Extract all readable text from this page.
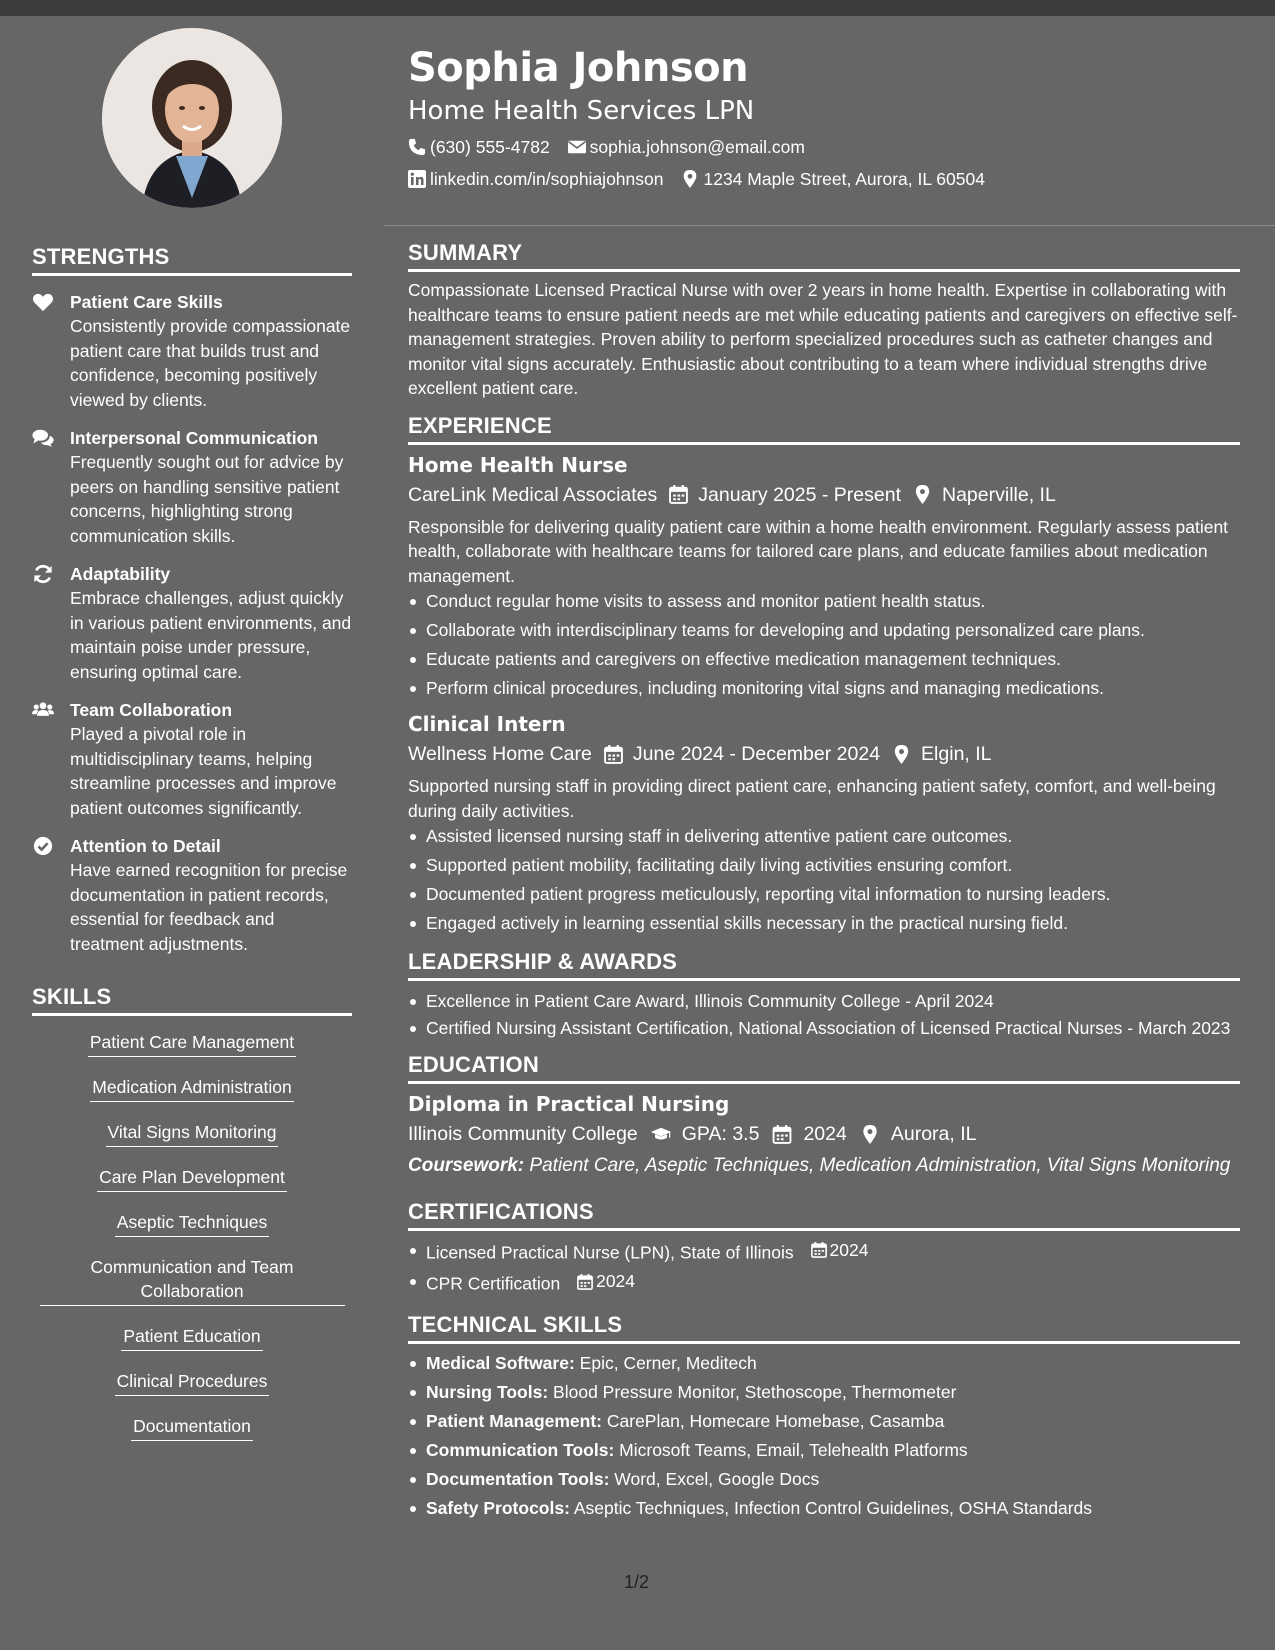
STRENGTHS
Patient Care Skills
Consistently provide compassionate patient care that builds trust and confidence, becoming positively viewed by clients.
Interpersonal Communication
Frequently sought out for advice by peers on handling sensitive patient concerns, highlighting strong communication skills.
Adaptability
Embrace challenges, adjust quickly in various patient environments, and maintain poise under pressure, ensuring optimal care.
Team Collaboration
Played a pivotal role in multidisciplinary teams, helping streamline processes and improve patient outcomes significantly.
Attention to Detail
Have earned recognition for precise documentation in patient records, essential for feedback and treatment adjustments.
SKILLS
Patient Care Management
Medication Administration
Vital Signs Monitoring
Care Plan Development
Aseptic Techniques
Communication and Team Collaboration
Patient Education
Clinical Procedures
Documentation
Sophia Johnson
Home Health Services LPN
(630) 555-4782 sophia.johnson@email.com
linkedin.com/in/sophiajohnson 1234 Maple Street, Aurora, IL 60504
SUMMARY
Compassionate Licensed Practical Nurse with over 2 years in home health. Expertise in collaborating with healthcare teams to ensure patient needs are met while educating patients and caregivers on effective self-management strategies. Proven ability to perform specialized procedures such as catheter changes and monitor vital signs accurately. Enthusiastic about contributing to a team where individual strengths drive excellent patient care.
EXPERIENCE
Home Health Nurse
CareLink Medical Associates January 2025 - Present Naperville, IL
Responsible for delivering quality patient care within a home health environment. Regularly assess patient health, collaborate with healthcare teams for tailored care plans, and educate families about medication management.
Conduct regular home visits to assess and monitor patient health status.
Collaborate with interdisciplinary teams for developing and updating personalized care plans.
Educate patients and caregivers on effective medication management techniques.
Perform clinical procedures, including monitoring vital signs and managing medications.
Clinical Intern
Wellness Home Care June 2024 - December 2024 Elgin, IL
Supported nursing staff in providing direct patient care, enhancing patient safety, comfort, and well-being during daily activities.
Assisted licensed nursing staff in delivering attentive patient care outcomes.
Supported patient mobility, facilitating daily living activities ensuring comfort.
Documented patient progress meticulously, reporting vital information to nursing leaders.
Engaged actively in learning essential skills necessary in the practical nursing field.
LEADERSHIP & AWARDS
Excellence in Patient Care Award, Illinois Community College - April 2024
Certified Nursing Assistant Certification, National Association of Licensed Practical Nurses - March 2023
EDUCATION
Diploma in Practical Nursing
Illinois Community College GPA: 3.5 2024 Aurora, IL
Coursework: Patient Care, Aseptic Techniques, Medication Administration, Vital Signs Monitoring
CERTIFICATIONS
Licensed Practical Nurse (LPN), State of Illinois 2024
CPR Certification 2024
TECHNICAL SKILLS
Medical Software: Epic, Cerner, Meditech
Nursing Tools: Blood Pressure Monitor, Stethoscope, Thermometer
Patient Management: CarePlan, Homecare Homebase, Casamba
Communication Tools: Microsoft Teams, Email, Telehealth Platforms
Documentation Tools: Word, Excel, Google Docs
Safety Protocols: Aseptic Techniques, Infection Control Guidelines, OSHA Standards
1/2
